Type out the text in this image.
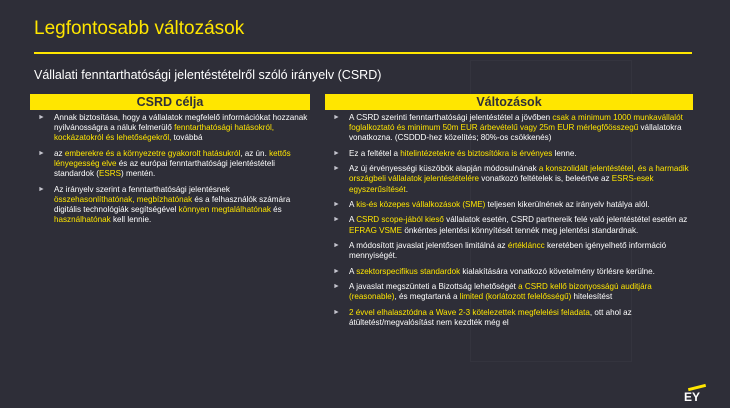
Legfontosabb változások
Vállalati fenntarthatósági jelentéstételről szóló irányelv (CSRD)
CSRD célja	Változások
► Annak biztosítása, hogy a vállalatok megfelelő információkat hozzanak nyilvánosságra a náluk felmerülő fenntarthatósági hatásokról, kockázatokról és lehetőségekről, továbbá
► az emberekre és a környezetre gyakorolt hatásukról, az ún. kettős lényegesség elve és az európai fenntarthatósági jelentéstételi standardok (ESRS) mentén.
► Az irányelv szerint a fenntarthatósági jelentésnek összehasonlíthatónak, megbízhatónak és a felhasználók számára digitális technológiák segítségével könnyen megtalálhatónak és használhatónak kell lennie.
► A CSRD szerinti fenntarthatósági jelentéstétel a jövőben csak a minimum 1000 munkavállalót foglalkoztató és minimum 50m EUR árbevételű vagy 25m EUR mérlegfőösszegű vállalatokra vonatkozna. (CSDDD-hez közelítés; 80%-os csökkenés)
► Ez a feltétel a hitelintézetekre és biztosítókra is érvényes lenne.
► Az új érvényességi küszöbök alapján módosulnának a konszolidált jelentéstétel, és a harmadik országbeli vállalatok jelentéstételére vonatkozó feltételek is, beleértve az ESRS-esek egyszerűsítését.
► A kis-és közepes vállalkozások (SME) teljesen kikerülnének az irányelv hatálya alól.
► A CSRD scope-jából kieső vállalatok esetén, CSRD partnereik felé való jelentéstétel esetén az EFRAG VSME önkéntes jelentési könnyítését tennék meg jelentési standardnak.
► A módosított javaslat jelentősen limitálná az értékláncc keretében igényelhető információ mennyiségét.
► A szektorspecifikus standardok kialakítására vonatkozó követelmény törlésre kerülne.
► A javaslat megszünteti a Bizottság lehetőségét a CSRD kellő bizonyosságú auditjára (reasonable), és megtartaná a limited (korlátozott felelősségű) hitelesítést
► 2 évvel elhalasztódna a Wave 2-3 kötelezettek megfelelési feladata, ott ahol az átültetést/megvalósítást nem kezdték még el
EY
